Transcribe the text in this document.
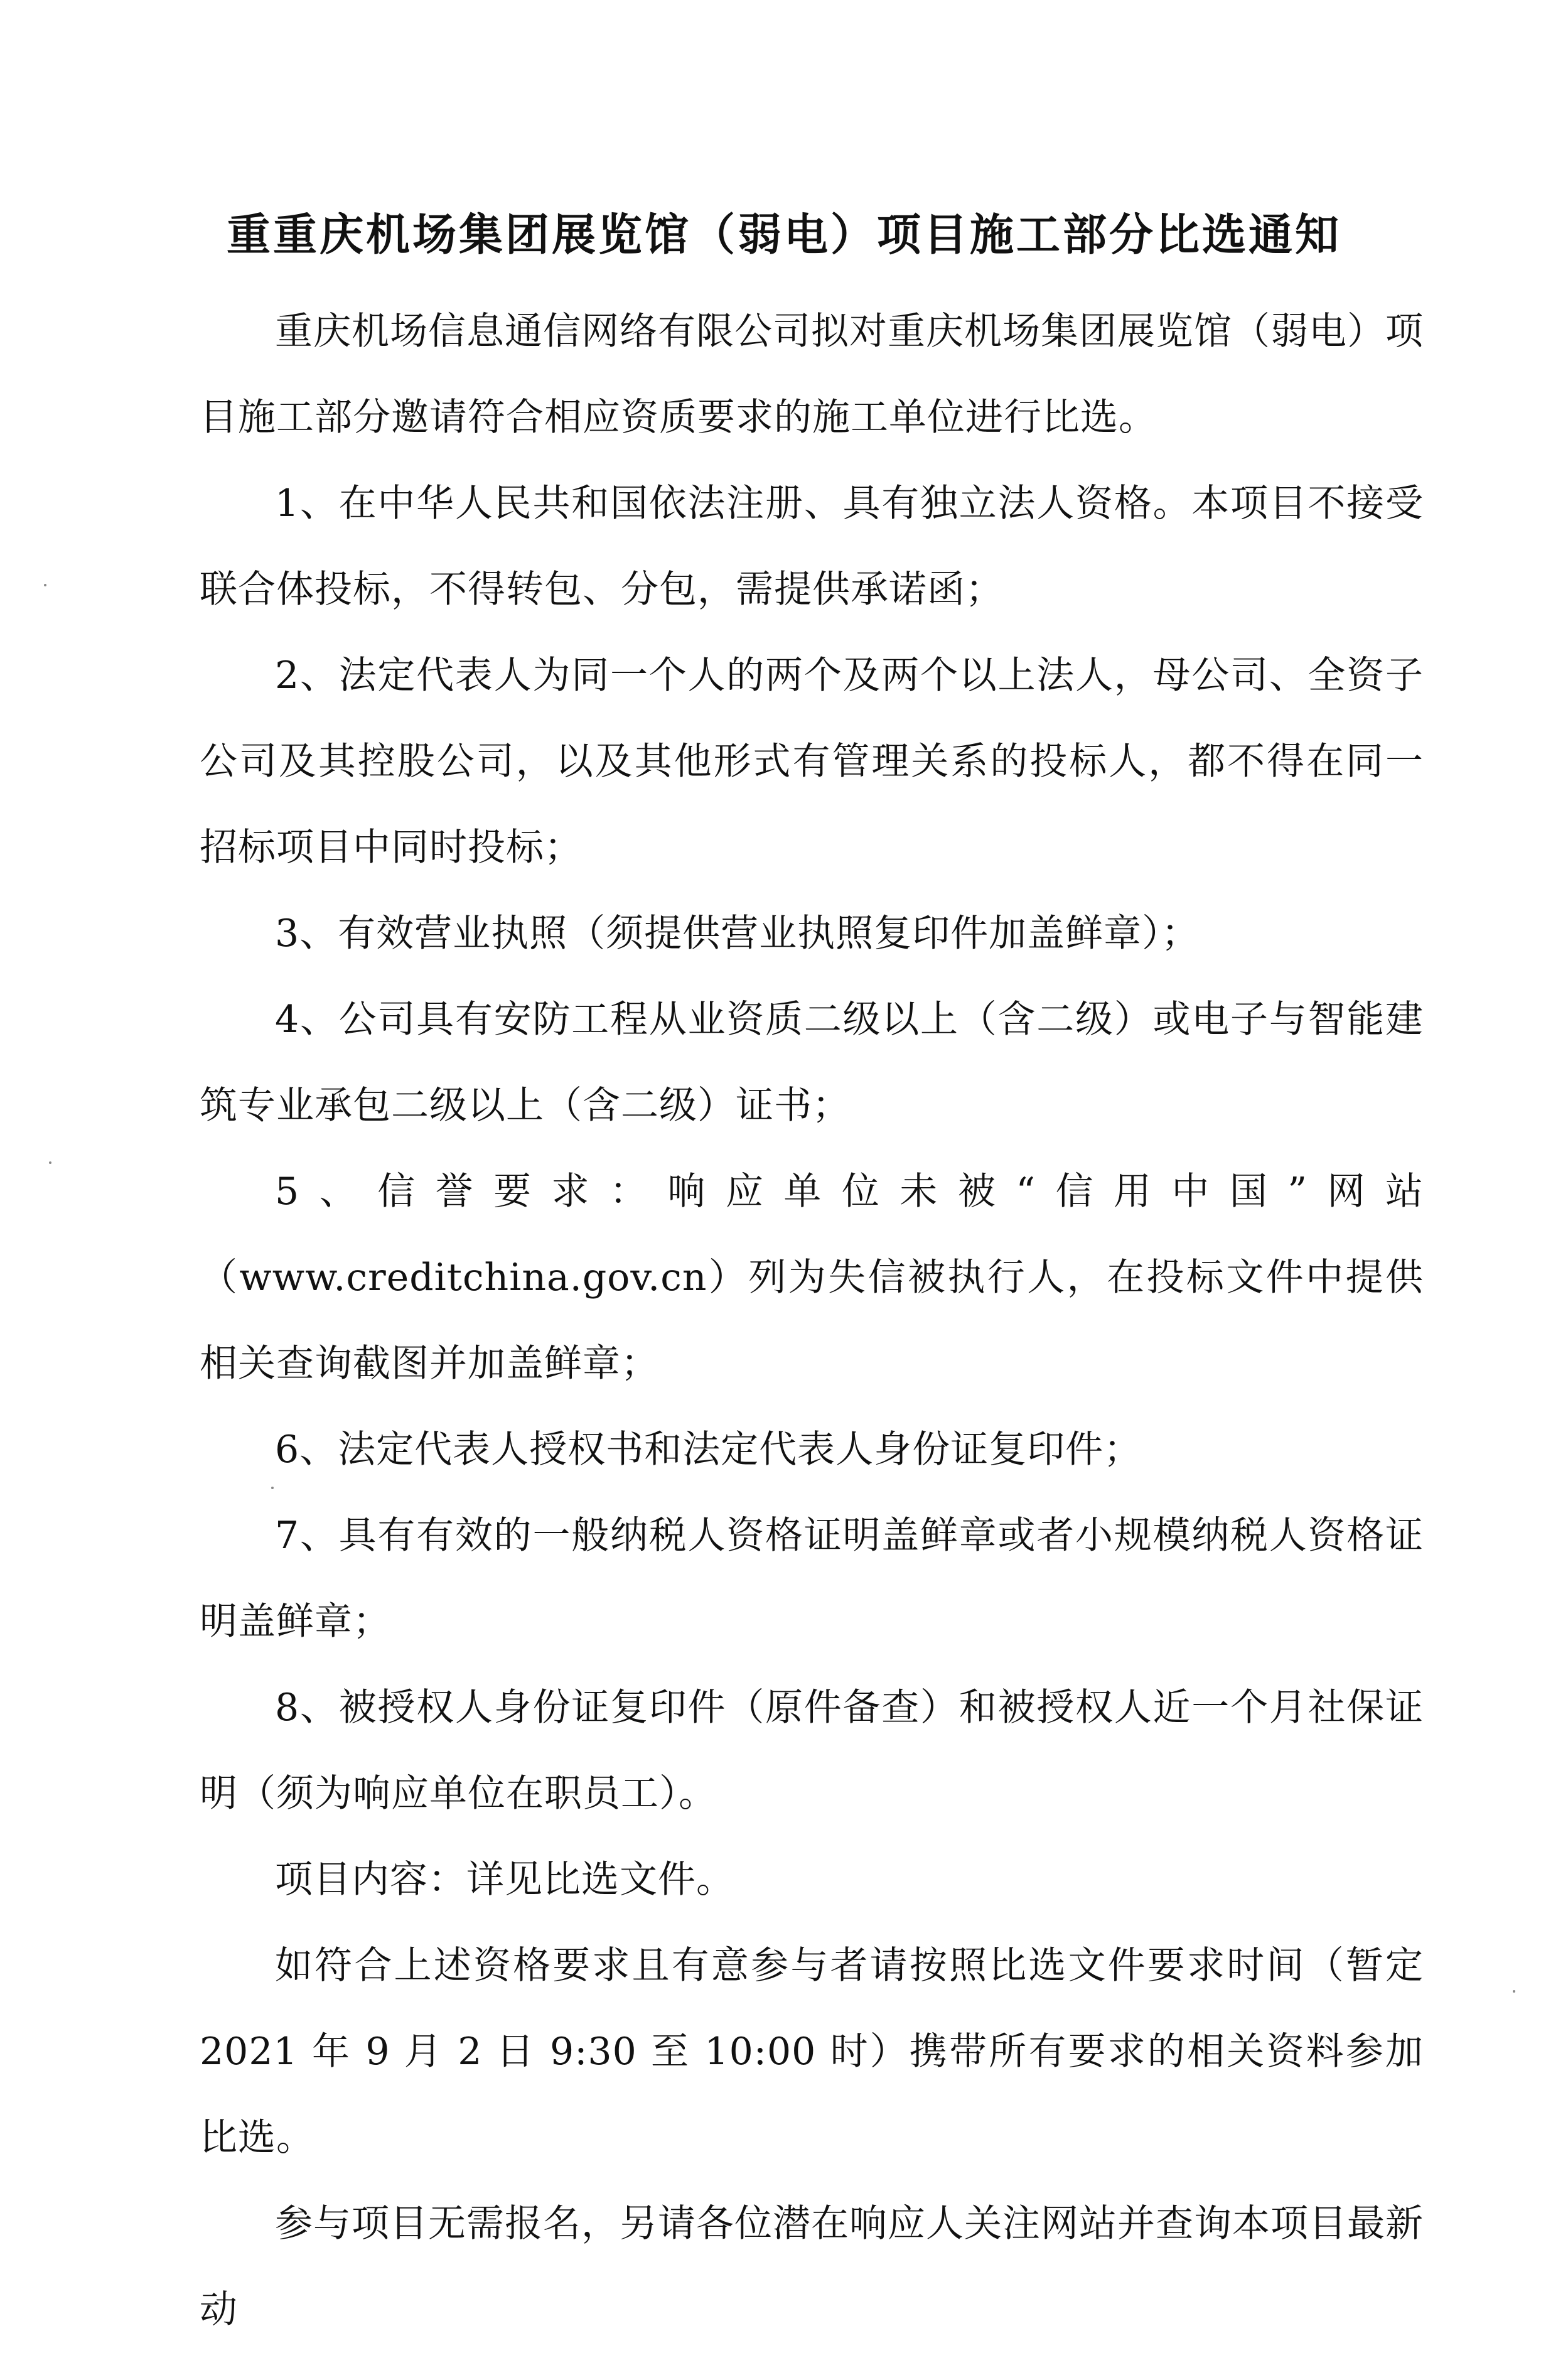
重重庆机场集团展览馆（弱电）项目施工部分比选通知

重庆机场信息通信网络有限公司拟对重庆机场集团展览馆（弱电）项目施工部分邀请符合相应资质要求的施工单位进行比选。

1、在中华人民共和国依法注册、具有独立法人资格。本项目不接受联合体投标，不得转包、分包，需提供承诺函；

2、法定代表人为同一个人的两个及两个以上法人，母公司、全资子公司及其控股公司，以及其他形式有管理关系的投标人，都不得在同一招标项目中同时投标；

3、有效营业执照（须提供营业执照复印件加盖鲜章）；

4、公司具有安防工程从业资质二级以上（含二级）或电子与智能建筑专业承包二级以上（含二级）证书；

5、信誉要求：响应单位未被“信用中国”网站（www.creditchina.gov.cn）列为失信被执行人，在投标文件中提供相关查询截图并加盖鲜章；

6、法定代表人授权书和法定代表人身份证复印件；

7、具有有效的一般纳税人资格证明盖鲜章或者小规模纳税人资格证明盖鲜章；

8、被授权人身份证复印件（原件备查）和被授权人近一个月社保证明（须为响应单位在职员工）。

项目内容：详见比选文件。

如符合上述资格要求且有意参与者请按照比选文件要求时间（暂定 2021 年 9 月 2 日 9:30 至 10:00 时）携带所有要求的相关资料参加比选。

参与项目无需报名，另请各位潜在响应人关注网站并查询本项目最新动
